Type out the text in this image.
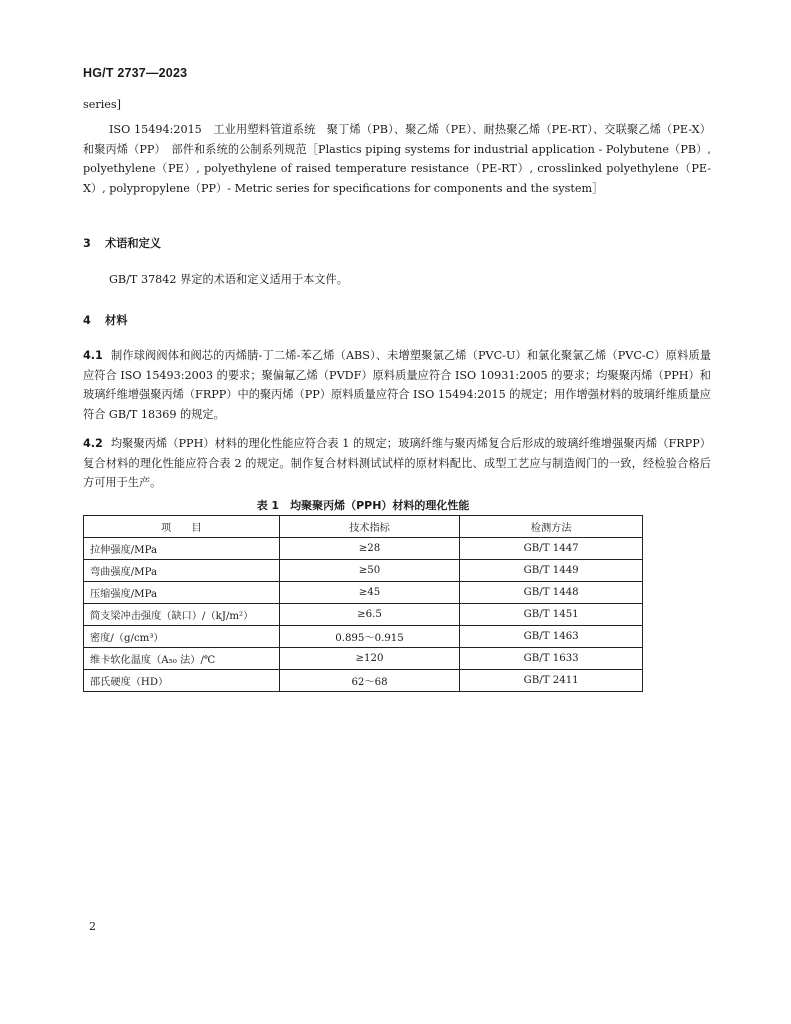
HG/T 2737—2023
series]
ISO 15494:2015　工业用塑料管道系统　聚丁烯（PB）、聚乙烯（PE）、耐热聚乙烯（PE-RT）、交联聚乙烯（PE-X）和聚丙烯（PP）　部件和系统的公制系列规范［Plastics piping systems for industrial application - Polybutene（PB）, polyethylene（PE）, polyethylene of raised temperature resistance（PE-RT）, crosslinked polyethylene（PE-X）, polypropylene（PP）- Metric series for specifications for components and the system］
3 术语和定义
GB/T 37842 界定的术语和定义适用于本文件。
4 材料
4.1 制作球阀阀体和阀芯的丙烯腈-丁二烯-苯乙烯（ABS）、未增塑聚氯乙烯（PVC-U）和氯化聚氯乙烯（PVC-C）原料质量应符合 ISO 15493:2003 的要求；聚偏氟乙烯（PVDF）原料质量应符合 ISO 10931:2005 的要求；均聚聚丙烯（PPH）和玻璃纤维增强聚丙烯（FRPP）中的聚丙烯（PP）原料质量应符合 ISO 15494:2015 的规定；用作增强材料的玻璃纤维质量应符合 GB/T 18369 的规定。
4.2 均聚聚丙烯（PPH）材料的理化性能应符合表 1 的规定；玻璃纤维与聚丙烯复合后形成的玻璃纤维增强聚丙烯（FRPP）复合材料的理化性能应符合表 2 的规定。制作复合材料测试试样的原材料配比、成型工艺应与制造阀门的一致，经检验合格后方可用于生产。
表 1　均聚聚丙烯（PPH）材料的理化性能
项　　目	技术指标	检测方法
拉伸强度/MPa	≥28	GB/T 1447
弯曲强度/MPa	≥50	GB/T 1449
压缩强度/MPa	≥45	GB/T 1448
简支梁冲击强度（缺口）/（kJ/m²）	≥6.5	GB/T 1451
密度/（g/cm³）	0.895～0.915	GB/T 1463
维卡软化温度（A₅₀ 法）/℃	≥120	GB/T 1633
邵氏硬度（HD）	62～68	GB/T 2411
2
